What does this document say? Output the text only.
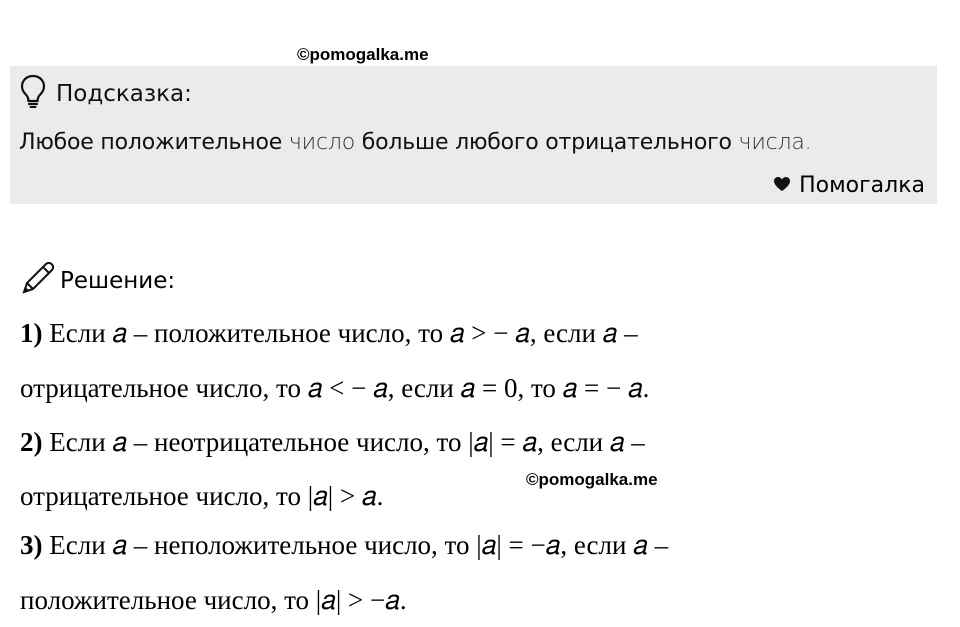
©pomogalka.me
Подсказка:
Любое положительное число больше любого отрицательного числа.
Помогалка
Решение:
1) Если 𝑎 – положительное число, то 𝑎 > − 𝑎, если 𝑎 –
отрицательное число, то 𝑎 < − 𝑎, если 𝑎 = 0, то 𝑎 = − 𝑎.
2) Если 𝑎 – неотрицательное число, то |𝑎| = 𝑎, если 𝑎 –
отрицательное число, то |𝑎| > 𝑎.
3) Если 𝑎 – неположительное число, то |𝑎| = −𝑎, если 𝑎 –
положительное число, то |𝑎| > −𝑎.
©pomogalka.me
